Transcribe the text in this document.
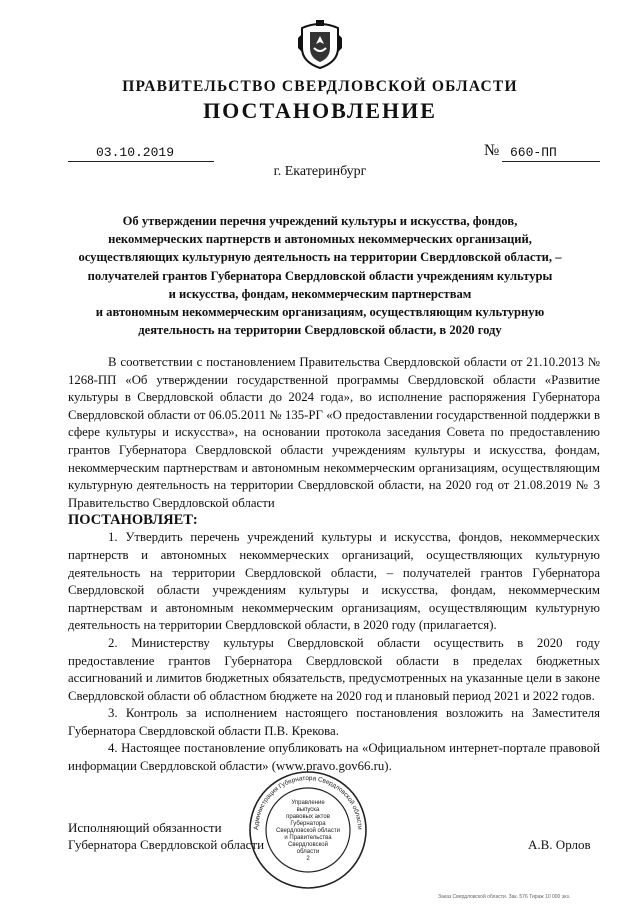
ПРАВИТЕЛЬСТВО СВЕРДЛОВСКОЙ ОБЛАСТИ
ПОСТАНОВЛЕНИЕ
03.10.2019	№ 660-ПП
г. Екатеринбург
Об утверждении перечня учреждений культуры и искусства, фондов,
некоммерческих партнерств и автономных некоммерческих организаций,
осуществляющих культурную деятельность на территории Свердловской области, –
получателей грантов Губернатора Свердловской области учреждениям культуры
и искусства, фондам, некоммерческим партнерствам
и автономным некоммерческим организациям, осуществляющим культурную
деятельность на территории Свердловской области, в 2020 году

В соответствии с постановлением Правительства Свердловской области от 21.10.2013 № 1268-ПП «Об утверждении государственной программы Свердловской области «Развитие культуры в Свердловской области до 2024 года», во исполнение распоряжения Губернатора Свердловской области от 06.05.2011 № 135-РГ «О предоставлении государственной поддержки в сфере культуры и искусства», на основании протокола заседания Совета по предоставлению грантов Губернатора Свердловской области учреждениям культуры и искусства, фондам, некоммерческим партнерствам и автономным некоммерческим организациям, осуществляющим культурную деятельность на территории Свердловской области, на 2020 год от 21.08.2019 № 3 Правительство Свердловской области

ПОСТАНОВЛЯЕТ:

1. Утвердить перечень учреждений культуры и искусства, фондов, некоммерческих партнерств и автономных некоммерческих организаций, осуществляющих культурную деятельность на территории Свердловской области, – получателей грантов Губернатора Свердловской области учреждениям культуры и искусства, фондам, некоммерческим партнерствам и автономным некоммерческим организациям, осуществляющим культурную деятельность на территории Свердловской области, в 2020 году (прилагается).

2. Министерству культуры Свердловской области осуществить в 2020 году предоставление грантов Губернатора Свердловской области в пределах бюджетных ассигнований и лимитов бюджетных обязательств, предусмотренных на указанные цели в законе Свердловской области об областном бюджете на 2020 год и плановый период 2021 и 2022 годов.

3. Контроль за исполнением настоящего постановления возложить на Заместителя Губернатора Свердловской области П.В. Крекова.

4. Настоящее постановление опубликовать на «Официальном интернет-портале правовой информации Свердловской области» (www.pravo.gov66.ru).

Исполняющий обязанности
Губернатора Свердловской области	А.В. Орлов
Администрация Губернатора Свердловской области
Управление
выпуска
правовых актов
Губернатора
Свердловской области
и Правительства
Свердловской
области
2
Заказ Свердловской области. Зак. 576 Тираж 10 000 экз.
